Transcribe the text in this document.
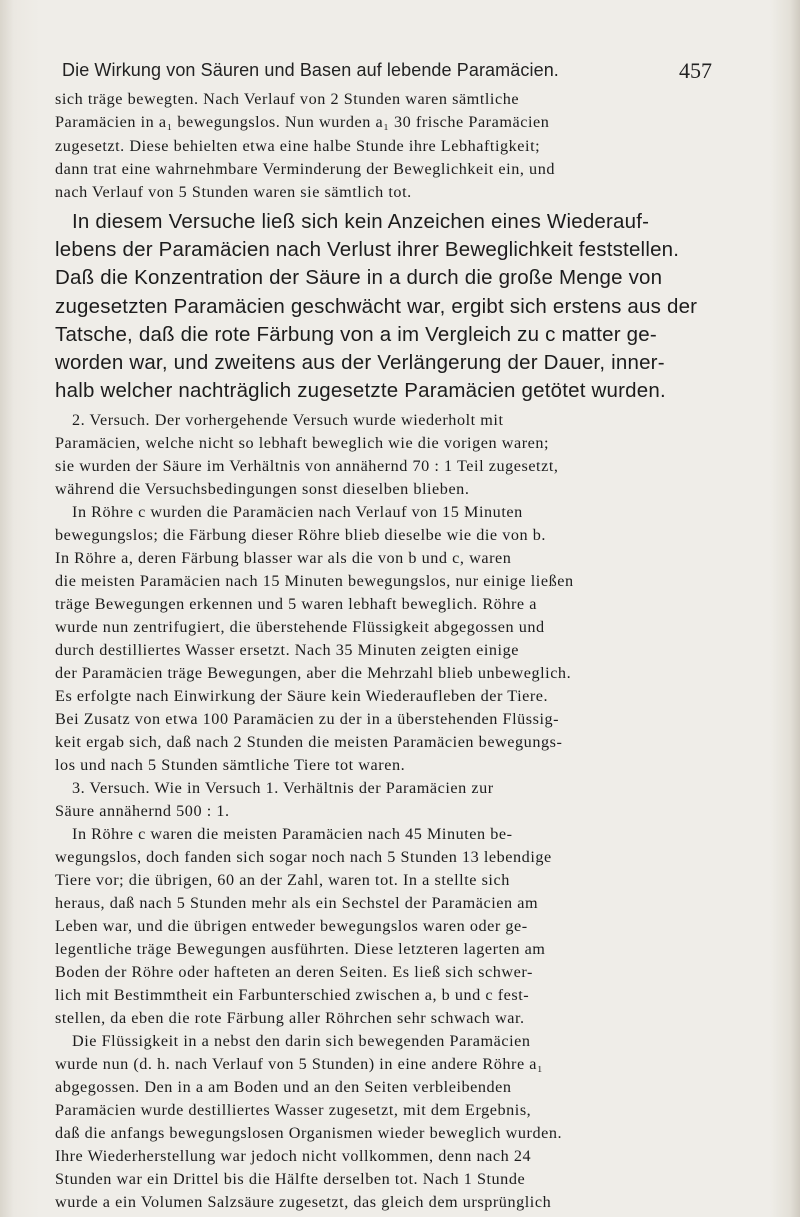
Die Wirkung von Säuren und Basen auf lebende Paramäcien.	457
sich träge bewegten. Nach Verlauf von 2 Stunden waren sämtliche
Paramäcien in a₁ bewegungslos. Nun wurden a₁ 30 frische Paramäcien
zugesetzt. Diese behielten etwa eine halbe Stunde ihre Lebhaftigkeit;
dann trat eine wahrnehmbare Verminderung der Beweglichkeit ein, und
nach Verlauf von 5 Stunden waren sie sämtlich tot.
In diesem Versuche ließ sich kein Anzeichen eines Wiederauf-
lebens der Paramäcien nach Verlust ihrer Beweglichkeit feststellen.
Daß die Konzentration der Säure in a durch die große Menge von
zugesetzten Paramäcien geschwächt war, ergibt sich erstens aus der
Tatsche, daß die rote Färbung von a im Vergleich zu c matter ge-
worden war, und zweitens aus der Verlängerung der Dauer, inner-
halb welcher nachträglich zugesetzte Paramäcien getötet wurden.
2. Versuch. Der vorhergehende Versuch wurde wiederholt mit
Paramäcien, welche nicht so lebhaft beweglich wie die vorigen waren;
sie wurden der Säure im Verhältnis von annähernd 70 : 1 Teil zugesetzt,
während die Versuchsbedingungen sonst dieselben blieben.
In Röhre c wurden die Paramäcien nach Verlauf von 15 Minuten
bewegungslos; die Färbung dieser Röhre blieb dieselbe wie die von b.
In Röhre a, deren Färbung blasser war als die von b und c, waren
die meisten Paramäcien nach 15 Minuten bewegungslos, nur einige ließen
träge Bewegungen erkennen und 5 waren lebhaft beweglich. Röhre a
wurde nun zentrifugiert, die überstehende Flüssigkeit abgegossen und
durch destilliertes Wasser ersetzt. Nach 35 Minuten zeigten einige
der Paramäcien träge Bewegungen, aber die Mehrzahl blieb unbeweglich.
Es erfolgte nach Einwirkung der Säure kein Wiederaufleben der Tiere.
Bei Zusatz von etwa 100 Paramäcien zu der in a überstehenden Flüssig-
keit ergab sich, daß nach 2 Stunden die meisten Paramäcien bewegungs-
los und nach 5 Stunden sämtliche Tiere tot waren.
3. Versuch. Wie in Versuch 1. Verhältnis der Paramäcien zur
Säure annähernd 500 : 1.
In Röhre c waren die meisten Paramäcien nach 45 Minuten be-
wegungslos, doch fanden sich sogar noch nach 5 Stunden 13 lebendige
Tiere vor; die übrigen, 60 an der Zahl, waren tot. In a stellte sich
heraus, daß nach 5 Stunden mehr als ein Sechstel der Paramäcien am
Leben war, und die übrigen entweder bewegungslos waren oder ge-
legentliche träge Bewegungen ausführten. Diese letzteren lagerten am
Boden der Röhre oder hafteten an deren Seiten. Es ließ sich schwer-
lich mit Bestimmtheit ein Farbunterschied zwischen a, b und c fest-
stellen, da eben die rote Färbung aller Röhrchen sehr schwach war.
Die Flüssigkeit in a nebst den darin sich bewegenden Paramäcien
wurde nun (d. h. nach Verlauf von 5 Stunden) in eine andere Röhre a₁
abgegossen. Den in a am Boden und an den Seiten verbleibenden
Paramäcien wurde destilliertes Wasser zugesetzt, mit dem Ergebnis,
daß die anfangs bewegungslosen Organismen wieder beweglich wurden.
Ihre Wiederherstellung war jedoch nicht vollkommen, denn nach 24
Stunden war ein Drittel bis die Hälfte derselben tot. Nach 1 Stunde
wurde a ein Volumen Salzsäure zugesetzt, das gleich dem ursprünglich
